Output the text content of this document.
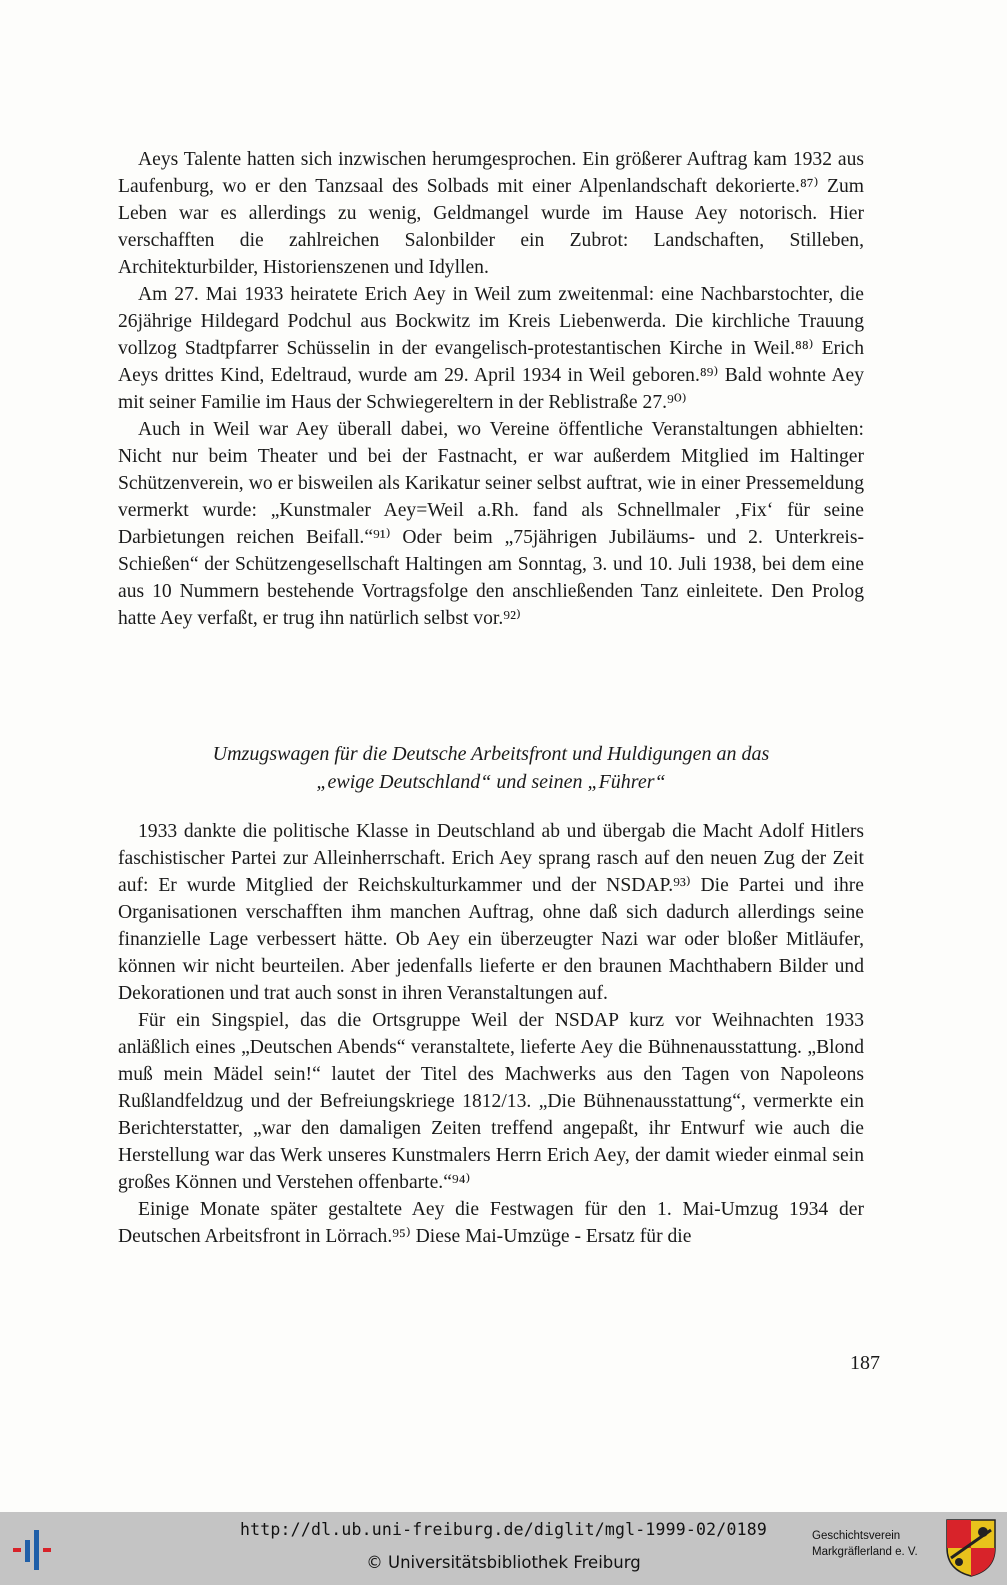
Aeys Talente hatten sich inzwischen herumgesprochen. Ein größerer Auftrag kam 1932 aus Laufenburg, wo er den Tanzsaal des Solbads mit einer Alpenlandschaft dekorierte.⁸⁷⁾ Zum Leben war es allerdings zu wenig, Geldmangel wurde im Hause Aey notorisch. Hier verschafften die zahlreichen Salonbilder ein Zubrot: Landschaften, Stilleben, Architekturbilder, Historienszenen und Idyllen.

Am 27. Mai 1933 heiratete Erich Aey in Weil zum zweitenmal: eine Nachbarstochter, die 26jährige Hildegard Podchul aus Bockwitz im Kreis Liebenwerda. Die kirchliche Trauung vollzog Stadtpfarrer Schüsselin in der evangelisch-protestantischen Kirche in Weil.⁸⁸⁾ Erich Aeys drittes Kind, Edeltraud, wurde am 29. April 1934 in Weil geboren.⁸⁹⁾ Bald wohnte Aey mit seiner Familie im Haus der Schwiegereltern in der Reblistraße 27.⁹⁰⁾

Auch in Weil war Aey überall dabei, wo Vereine öffentliche Veranstaltungen abhielten: Nicht nur beim Theater und bei der Fastnacht, er war außerdem Mitglied im Haltinger Schützenverein, wo er bisweilen als Karikatur seiner selbst auftrat, wie in einer Pressemeldung vermerkt wurde: „Kunstmaler Aey=Weil a.Rh. fand als Schnellmaler ‚Fix‘ für seine Darbietungen reichen Beifall.“⁹¹⁾ Oder beim „75jährigen Jubiläums- und 2. Unterkreis-Schießen“ der Schützengesellschaft Haltingen am Sonntag, 3. und 10. Juli 1938, bei dem eine aus 10 Nummern bestehende Vortragsfolge den anschließenden Tanz einleitete. Den Prolog hatte Aey verfaßt, er trug ihn natürlich selbst vor.⁹²⁾

Umzugswagen für die Deutsche Arbeitsfront und Huldigungen an das
„ewige Deutschland“ und seinen „Führer“

1933 dankte die politische Klasse in Deutschland ab und übergab die Macht Adolf Hitlers faschistischer Partei zur Alleinherrschaft. Erich Aey sprang rasch auf den neuen Zug der Zeit auf: Er wurde Mitglied der Reichskulturkammer und der NSDAP.⁹³⁾ Die Partei und ihre Organisationen verschafften ihm manchen Auftrag, ohne daß sich dadurch allerdings seine finanzielle Lage verbessert hätte. Ob Aey ein überzeugter Nazi war oder bloßer Mitläufer, können wir nicht beurteilen. Aber jedenfalls lieferte er den braunen Machthabern Bilder und Dekorationen und trat auch sonst in ihren Veranstaltungen auf.

Für ein Singspiel, das die Ortsgruppe Weil der NSDAP kurz vor Weihnachten 1933 anläßlich eines „Deutschen Abends“ veranstaltete, lieferte Aey die Bühnenausstattung. „Blond muß mein Mädel sein!“ lautet der Titel des Machwerks aus den Tagen von Napoleons Rußlandfeldzug und der Befreiungskriege 1812/13. „Die Bühnenausstattung“, vermerkte ein Berichterstatter, „war den damaligen Zeiten treffend angepaßt, ihr Entwurf wie auch die Herstellung war das Werk unseres Kunstmalers Herrn Erich Aey, der damit wieder einmal sein großes Können und Verstehen offenbarte.“⁹⁴⁾

Einige Monate später gestaltete Aey die Festwagen für den 1. Mai-Umzug 1934 der Deutschen Arbeitsfront in Lörrach.⁹⁵⁾ Diese Mai-Umzüge - Ersatz für die

187
http://dl.ub.uni-freiburg.de/diglit/mgl-1999-02/0189
© Universitätsbibliothek Freiburg
Geschichtsverein
Markgräflerland e. V.
